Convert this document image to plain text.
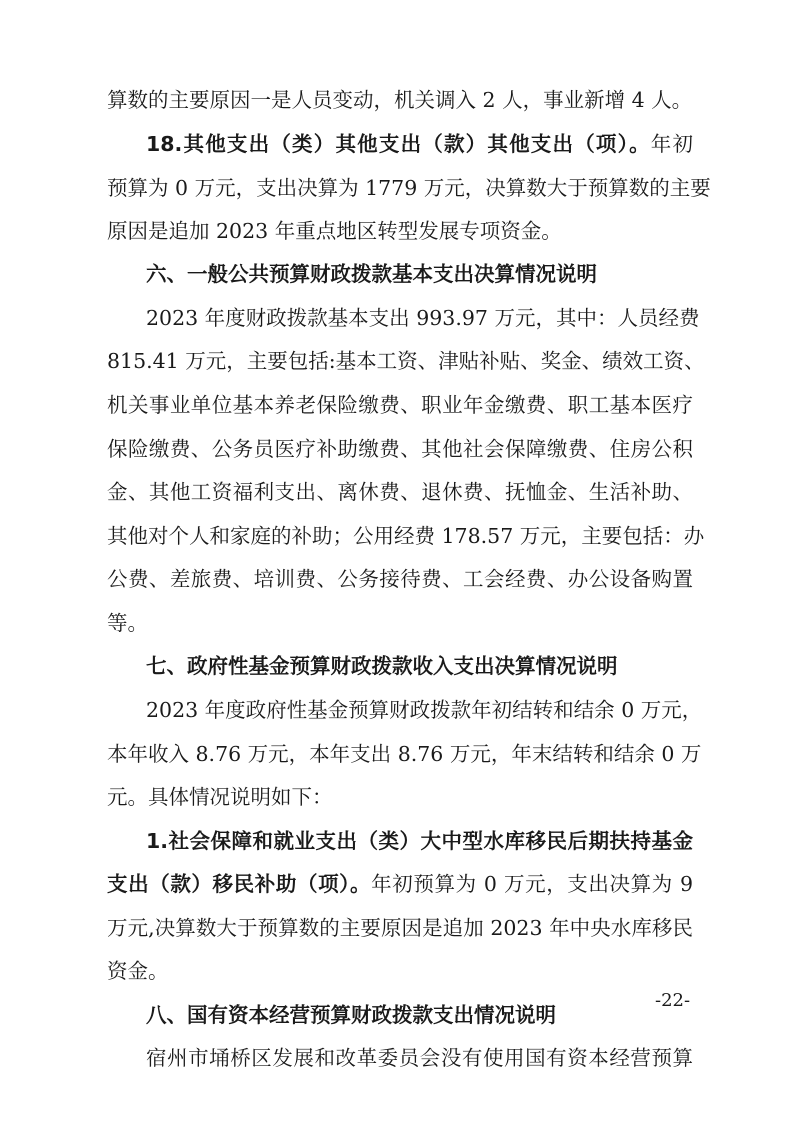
算数的主要原因一是人员变动，机关调入 2 人，事业新增 4 人。
18.其他支出（类）其他支出（款）其他支出（项）。年初
预算为 0 万元，支出决算为 1779 万元，决算数大于预算数的主要
原因是追加 2023 年重点地区转型发展专项资金。
六、一般公共预算财政拨款基本支出决算情况说明
2023 年度财政拨款基本支出 993.97 万元，其中：人员经费
815.41 万元，主要包括:基本工资、津贴补贴、奖金、绩效工资、
机关事业单位基本养老保险缴费、职业年金缴费、职工基本医疗
保险缴费、公务员医疗补助缴费、其他社会保障缴费、住房公积
金、其他工资福利支出、离休费、退休费、抚恤金、生活补助、
其他对个人和家庭的补助；公用经费 178.57 万元，主要包括：办
公费、差旅费、培训费、公务接待费、工会经费、办公设备购置
等。
七、政府性基金预算财政拨款收入支出决算情况说明
2023 年度政府性基金预算财政拨款年初结转和结余 0 万元，
本年收入 8.76 万元，本年支出 8.76 万元，年末结转和结余 0 万
元。具体情况说明如下：
1.社会保障和就业支出（类）大中型水库移民后期扶持基金
支出（款）移民补助（项）。年初预算为 0 万元，支出决算为 9
万元,决算数大于预算数的主要原因是追加 2023 年中央水库移民
资金。
八、国有资本经营预算财政拨款支出情况说明
宿州市埇桥区发展和改革委员会没有使用国有资本经营预算
-22-
